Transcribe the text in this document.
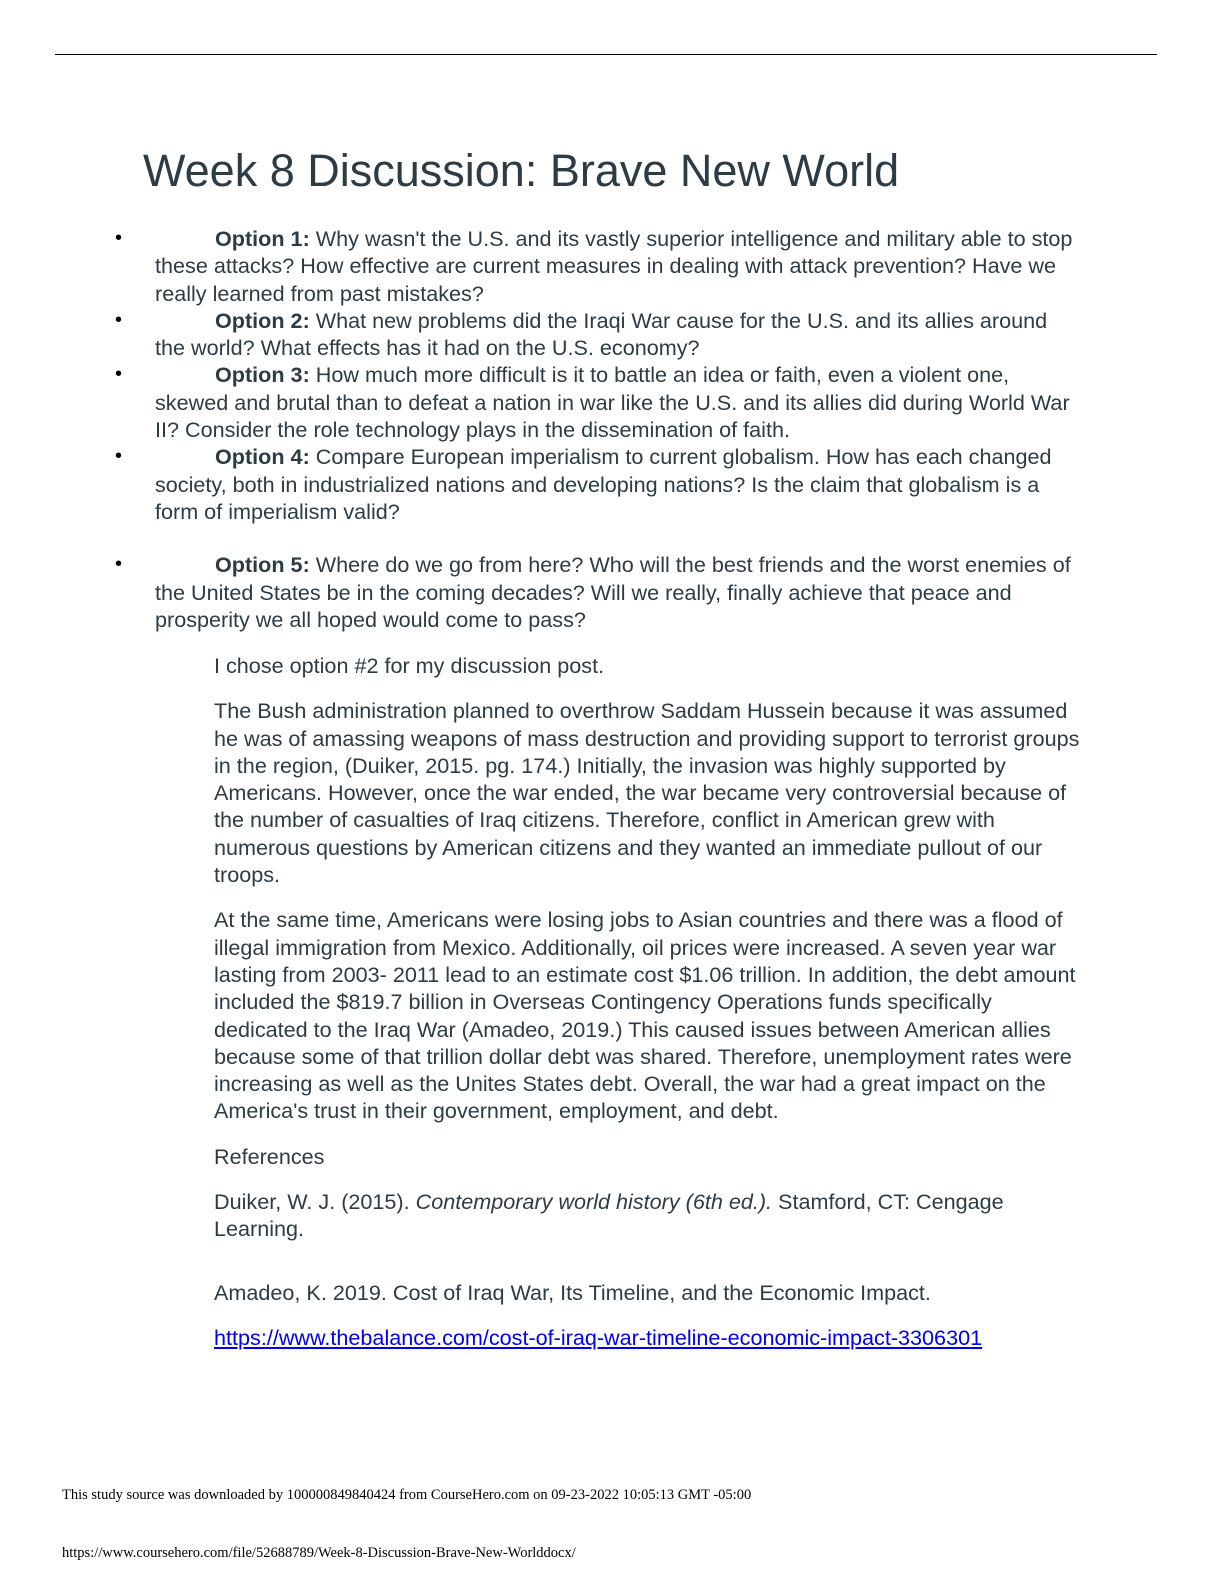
Week 8 Discussion: Brave New World
•	Option 1: Why wasn't the U.S. and its vastly superior intelligence and military able to stop these attacks? How effective are current measures in dealing with attack prevention? Have we really learned from past mistakes?
•	Option 2: What new problems did the Iraqi War cause for the U.S. and its allies around the world? What effects has it had on the U.S. economy?
•	Option 3: How much more difficult is it to battle an idea or faith, even a violent one, skewed and brutal than to defeat a nation in war like the U.S. and its allies did during World War II? Consider the role technology plays in the dissemination of faith.
•	Option 4: Compare European imperialism to current globalism. How has each changed society, both in industrialized nations and developing nations? Is the claim that globalism is a form of imperialism valid?
•	Option 5: Where do we go from here? Who will the best friends and the worst enemies of the United States be in the coming decades? Will we really, finally achieve that peace and prosperity we all hoped would come to pass?

I chose option #2 for my discussion post.

The Bush administration planned to overthrow Saddam Hussein because it was assumed he was of amassing weapons of mass destruction and providing support to terrorist groups in the region, (Duiker, 2015. pg. 174.) Initially, the invasion was highly supported by Americans. However, once the war ended, the war became very controversial because of the number of casualties of Iraq citizens. Therefore, conflict in American grew with numerous questions by American citizens and they wanted an immediate pullout of our troops.

At the same time, Americans were losing jobs to Asian countries and there was a flood of illegal immigration from Mexico. Additionally, oil prices were increased. A seven year war lasting from 2003- 2011 lead to an estimate cost $1.06 trillion. In addition, the debt amount included the $819.7 billion in Overseas Contingency Operations funds specifically dedicated to the Iraq War (Amadeo, 2019.) This caused issues between American allies because some of that trillion dollar debt was shared. Therefore, unemployment rates were increasing as well as the Unites States debt. Overall, the war had a great impact on the America's trust in their government, employment, and debt.

References

Duiker, W. J. (2015). Contemporary world history (6th ed.). Stamford, CT: Cengage Learning.

Amadeo, K. 2019. Cost of Iraq War, Its Timeline, and the Economic Impact.

https://www.thebalance.com/cost-of-iraq-war-timeline-economic-impact-3306301

This study source was downloaded by 100000849840424 from CourseHero.com on 09-23-2022 10:05:13 GMT -05:00
https://www.coursehero.com/file/52688789/Week-8-Discussion-Brave-New-Worlddocx/
